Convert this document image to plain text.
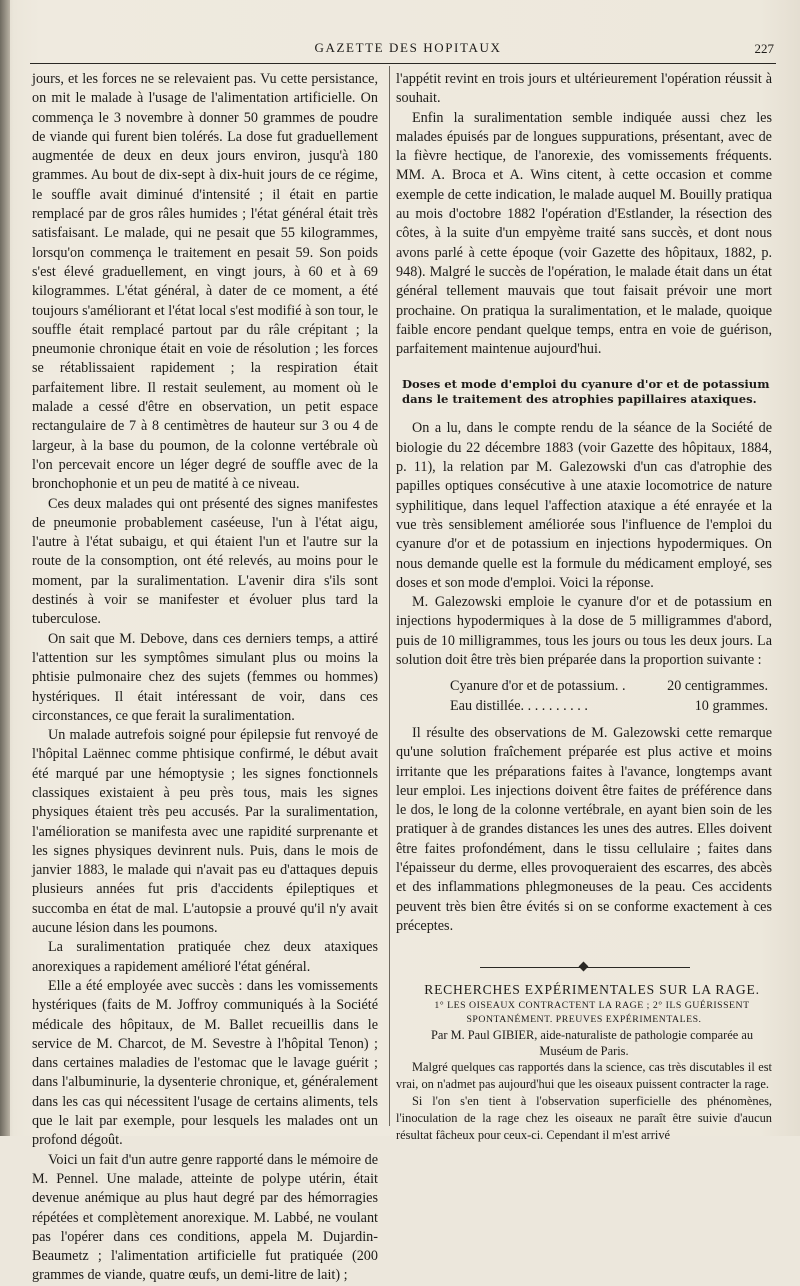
GAZETTE DES HOPITAUX	227

jours, et les forces ne se relevaient pas. Vu cette persistance, on mit le malade à l'usage de l'alimentation artificielle. On commença le 3 novembre à donner 50 grammes de poudre de viande qui furent bien tolérés. La dose fut graduellement augmentée de deux en deux jours environ, jusqu'à 180 grammes. Au bout de dix-sept à dix-huit jours de ce régime, le souffle avait diminué d'intensité ; il était en partie remplacé par de gros râles humides ; l'état général était très satisfaisant. Le malade, qui ne pesait que 55 kilogrammes, lorsqu'on commença le traitement en pesait 59. Son poids s'est élevé graduellement, en vingt jours, à 60 et à 69 kilogrammes. L'état général, à dater de ce moment, a été toujours s'améliorant et l'état local s'est modifié à son tour, le souffle était remplacé partout par du râle crépitant ; la pneumonie chronique était en voie de résolution ; les forces se rétablissaient rapidement ; la respiration était parfaitement libre. Il restait seulement, au moment où le malade a cessé d'être en observation, un petit espace rectangulaire de 7 à 8 centimètres de hauteur sur 3 ou 4 de largeur, à la base du poumon, de la colonne vertébrale où l'on percevait encore un léger degré de souffle avec de la bronchophonie et un peu de matité à ce niveau.

Ces deux malades qui ont présenté des signes manifestes de pneumonie probablement caséeuse, l'un à l'état aigu, l'autre à l'état subaigu, et qui étaient l'un et l'autre sur la route de la consomption, ont été relevés, au moins pour le moment, par la suralimentation. L'avenir dira s'ils sont destinés à voir se manifester et évoluer plus tard la tuberculose.

On sait que M. Debove, dans ces derniers temps, a attiré l'attention sur les symptômes simulant plus ou moins la phtisie pulmonaire chez des sujets (femmes ou hommes) hystériques. Il était intéressant de voir, dans ces circonstances, ce que ferait la suralimentation.

Un malade autrefois soigné pour épilepsie fut renvoyé de l'hôpital Laënnec comme phtisique confirmé, le début avait été marqué par une hémoptysie ; les signes fonctionnels classiques existaient à peu près tous, mais les signes physiques étaient très peu accusés. Par la suralimentation, l'amélioration se manifesta avec une rapidité surprenante et les signes physiques devinrent nuls. Puis, dans le mois de janvier 1883, le malade qui n'avait pas eu d'attaques depuis plusieurs années fut pris d'accidents épileptiques et succomba en état de mal. L'autopsie a prouvé qu'il n'y avait aucune lésion dans les poumons.

La suralimentation pratiquée chez deux ataxiques anorexiques a rapidement amélioré l'état général.

Elle a été employée avec succès : dans les vomissements hystériques (faits de M. Joffroy communiqués à la Société médicale des hôpitaux, de M. Ballet recueillis dans le service de M. Charcot, de M. Sevestre à l'hôpital Tenon) ; dans certaines maladies de l'estomac que le lavage guérit ; dans l'albuminurie, la dysenterie chronique, et, généralement dans les cas qui nécessitent l'usage de certains aliments, tels que le lait par exemple, pour lesquels les malades ont un profond dégoût.

Voici un fait d'un autre genre rapporté dans le mémoire de M. Pennel. Une malade, atteinte de polype utérin, était devenue anémique au plus haut degré par des hémorragies répétées et complètement anorexique. M. Labbé, ne voulant pas l'opérer dans ces conditions, appela M. Dujardin-Beaumetz ; l'alimentation artificielle fut pratiquée (200 grammes de viande, quatre œufs, un demi-litre de lait) ;

l'appétit revint en trois jours et ultérieurement l'opération réussit à souhait.

Enfin la suralimentation semble indiquée aussi chez les malades épuisés par de longues suppurations, présentant, avec de la fièvre hectique, de l'anorexie, des vomissements fréquents. MM. A. Broca et A. Wins citent, à cette occasion et comme exemple de cette indication, le malade auquel M. Bouilly pratiqua au mois d'octobre 1882 l'opération d'Estlander, la résection des côtes, à la suite d'un empyème traité sans succès, et dont nous avons parlé à cette époque (voir Gazette des hôpitaux, 1882, p. 948). Malgré le succès de l'opération, le malade était dans un état général tellement mauvais que tout faisait prévoir une mort prochaine. On pratiqua la suralimentation, et le malade, quoique faible encore pendant quelque temps, entra en voie de guérison, parfaitement maintenue aujourd'hui.

Doses et mode d'emploi du cyanure d'or et de potassium dans le traitement des atrophies papillaires ataxiques.

On a lu, dans le compte rendu de la séance de la Société de biologie du 22 décembre 1883 (voir Gazette des hôpitaux, 1884, p. 11), la relation par M. Galezowski d'un cas d'atrophie des papilles optiques consécutive à une ataxie locomotrice de nature syphilitique, dans lequel l'affection ataxique a été enrayée et la vue très sensiblement améliorée sous l'influence de l'emploi du cyanure d'or et de potassium en injections hypodermiques. On nous demande quelle est la formule du médicament employé, ses doses et son mode d'emploi. Voici la réponse.

M. Galezowski emploie le cyanure d'or et de potassium en injections hypodermiques à la dose de 5 milligrammes d'abord, puis de 10 milligrammes, tous les jours ou tous les deux jours. La solution doit être très bien préparée dans la proportion suivante :

Cyanure d'or et de potassium. .	20 centigrammes.
Eau distillée. . . . . . . . . .	10 grammes.

Il résulte des observations de M. Galezowski cette remarque qu'une solution fraîchement préparée est plus active et moins irritante que les préparations faites à l'avance, longtemps avant leur emploi. Les injections doivent être faites de préférence dans le dos, le long de la colonne vertébrale, en ayant bien soin de les pratiquer à de grandes distances les unes des autres. Elles doivent être faites profondément, dans le tissu cellulaire ; faites dans l'épaisseur du derme, elles provoqueraient des escarres, des abcès et des inflammations phlegmoneuses de la peau. Ces accidents peuvent très bien être évités si on se conforme exactement à ces préceptes.

RECHERCHES EXPÉRIMENTALES SUR LA RAGE.

1° LES OISEAUX CONTRACTENT LA RAGE ; 2° ILS GUÉRISSENT SPONTANÉMENT. PREUVES EXPÉRIMENTALES.

Par M. Paul GIBIER, aide-naturaliste de pathologie comparée au Muséum de Paris.

Malgré quelques cas rapportés dans la science, cas très discutables il est vrai, on n'admet pas aujourd'hui que les oiseaux puissent contracter la rage.

Si l'on s'en tient à l'observation superficielle des phénomènes, l'inoculation de la rage chez les oiseaux ne paraît être suivie d'aucun résultat fâcheux pour ceux-ci. Cependant il m'est arrivé
